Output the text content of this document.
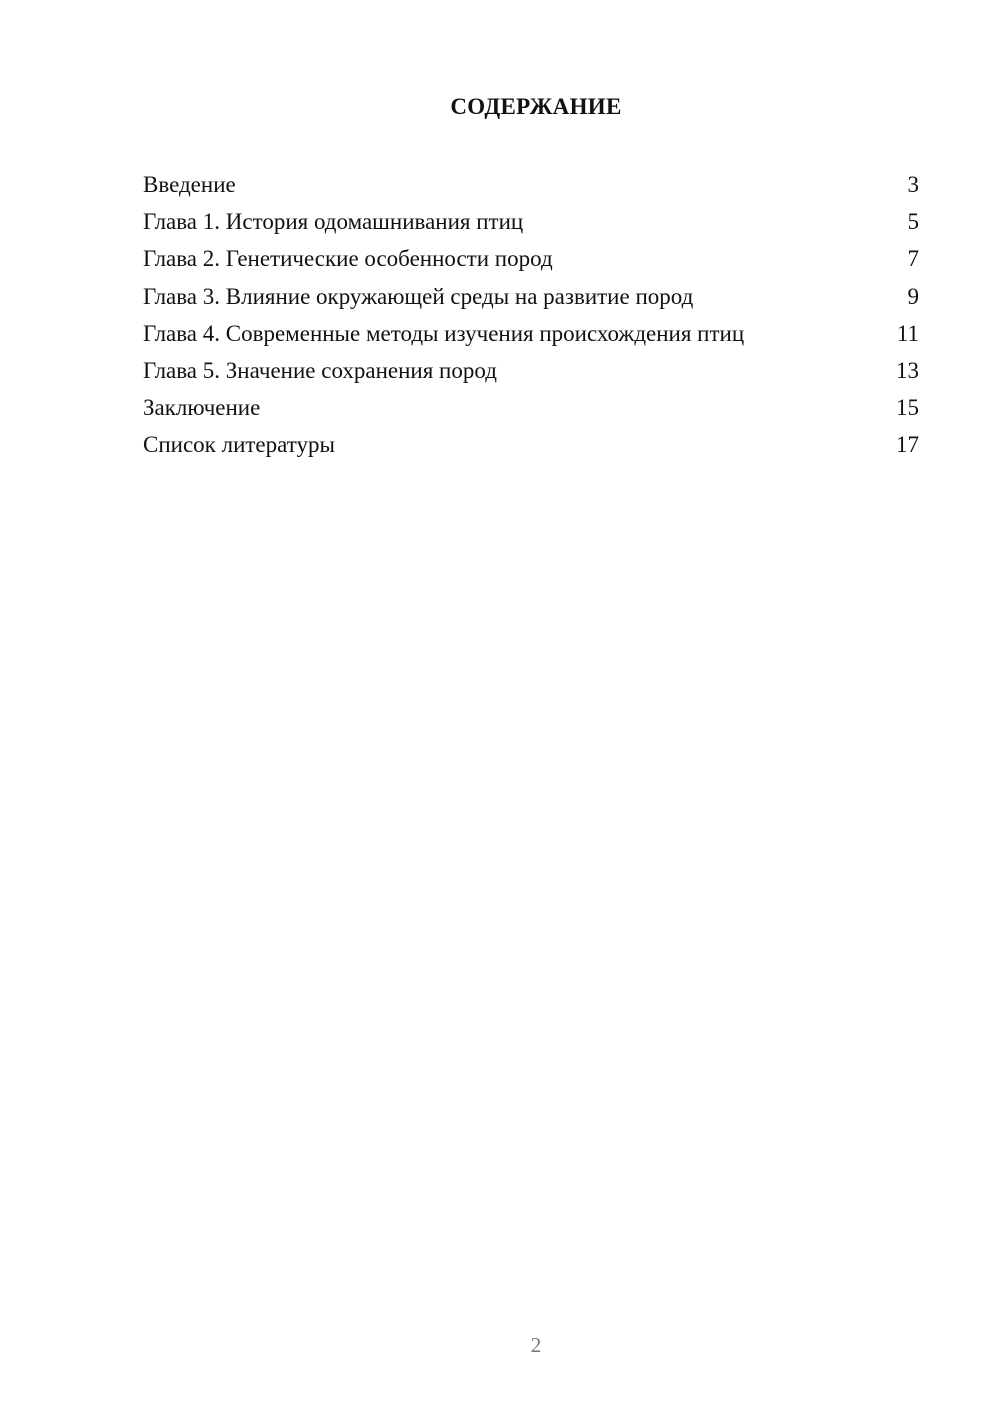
СОДЕРЖАНИЕ
Введение	3
Глава 1. История одомашнивания птиц	5
Глава 2. Генетические особенности пород	7
Глава 3. Влияние окружающей среды на развитие пород	9
Глава 4. Современные методы изучения происхождения птиц	11
Глава 5. Значение сохранения пород	13
Заключение	15
Список литературы	17
2
